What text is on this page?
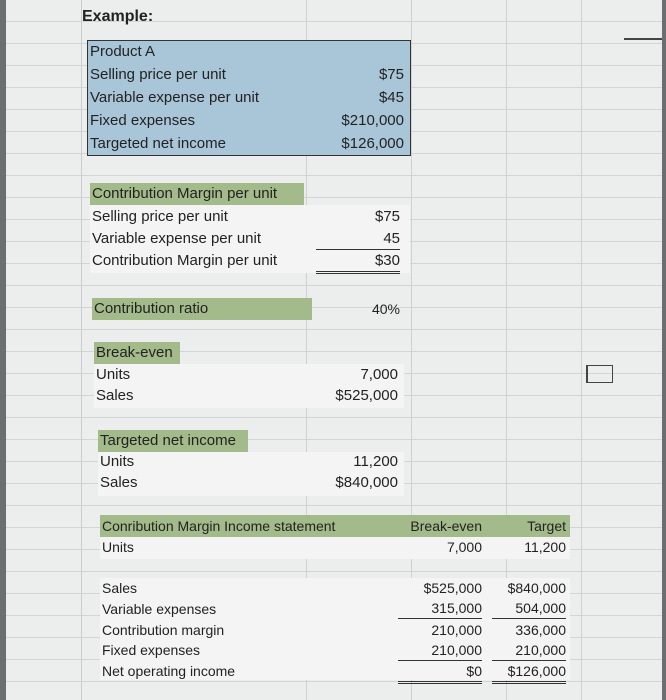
Example:
Product A
Selling price per unit	$75
Variable expense per unit	$45
Fixed expenses	$210,000
Targeted net income	$126,000
Contribution Margin per unit
Selling price per unit	$75
Variable expense per unit	45
Contribution Margin per unit	$30
Contribution ratio	40%
Break-even
Units	7,000
Sales	$525,000
Targeted net income
Units	11,200
Sales	$840,000
Conribution Margin Income statement	Break-even	Target
Units	7,000	11,200
Sales	$525,000	$840,000
Variable expenses	315,000	504,000
Contribution margin	210,000	336,000
Fixed expenses	210,000	210,000
Net operating income	$0	$126,000
